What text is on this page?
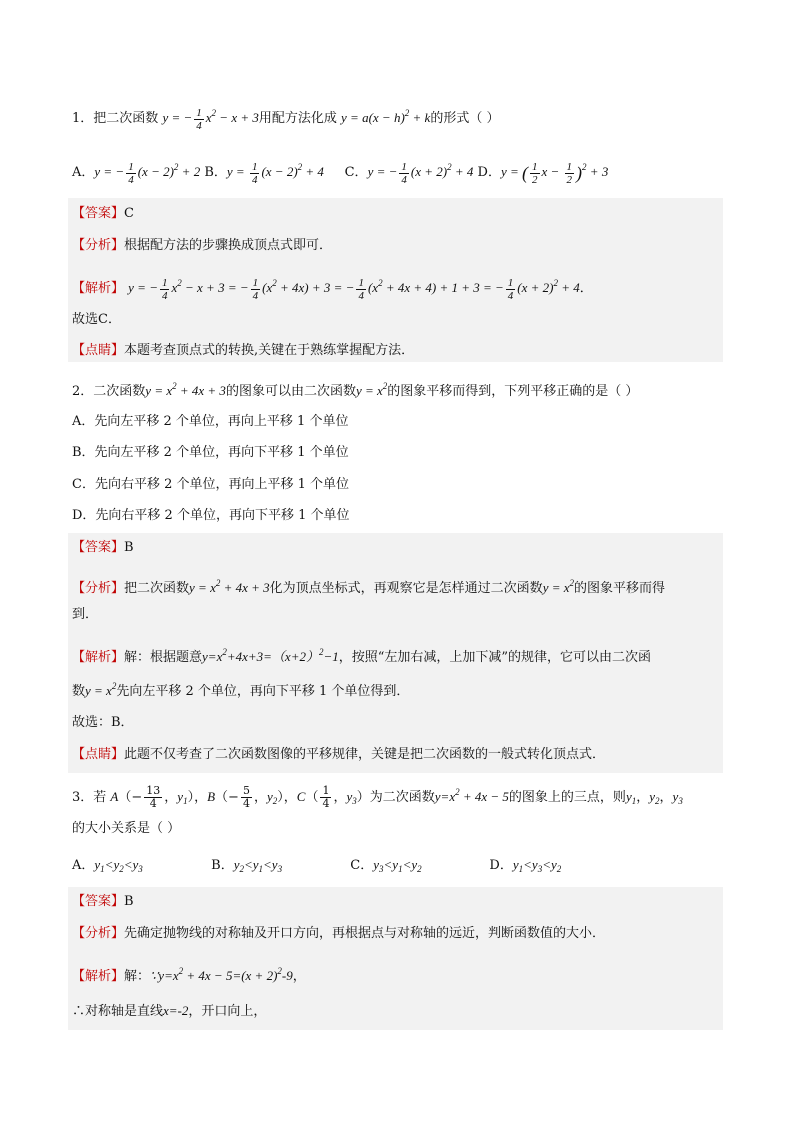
1．把二次函数 y = − $\frac{1}{4} x^2 - x + 3$用配方法化成 $y = a(x - h)^2 + k$的形式（ ）
A．y = − $\frac{1}{4} (x - 2)^2 + 2$ B．$y = \frac{1}{4} (x - 2)^2 + 4$ C．y = − $\frac{1}{4} (x + 2)^2 + 4$ D．y = ( $\frac{1}{2}$ $x - \frac{1}{2} )^2 + 3$
【答案】C
【分析】根据配方法的步骤换成顶点式即可．
【解析】 y = − $\frac{1}{4} x^2 - x + 3$ = − $\frac{1}{4} (x^2 + 4x) + 3$ = − $\frac{1}{4} (x^2 + 4x + 4) + 1 + 3$ = − $\frac{1}{4} (x + 2)^2 + 4$．
故选C．
【点睛】本题考查顶点式的转换,关键在于熟练掌握配方法．
2．二次函数$y = x^2 + 4x + 3$的图象可以由二次函数$y = x^2$的图象平移而得到，下列平移正确的是（ ）
A．先向左平移 2 个单位，再向上平移 1 个单位
B．先向左平移 2 个单位，再向下平移 1 个单位
C．先向右平移 2 个单位，再向上平移 1 个单位
D．先向右平移 2 个单位，再向下平移 1 个单位
【答案】B
【分析】把二次函数$y = x^2 + 4x + 3$化为顶点坐标式，再观察它是怎样通过二次函数$y = x^2$的图象平移而得
到．
【解析】解：根据题意$y=x^2+4x+3=(x+2)^2-1$，按照“左加右减，上加下减”的规律，它可以由二次函
数$y = x^2$先向左平移 2 个单位，再向下平移 1 个单位得到．
故选：B．
【点睛】此题不仅考查了二次函数图像的平移规律，关键是把二次函数的一般式转化顶点式．
3．若 $A(- \frac{13}{4}$ ，$y_1$），$B(- \frac{5}{4}$ ，$y_2$），$C( \frac{1}{4}$ ，$y_3$）为二次函数$y=x^2 + 4x - 5$的图象上的三点，则$y_1$，$y_2$，$y_3$
的大小关系是（ ）
A．$y_1<y_2<y_3$	B．$y_2<y_1<y_3$	C．$y_3<y_1<y_2$	D．$y_1<y_3<y_2$
【答案】B
【分析】先确定抛物线的对称轴及开口方向，再根据点与对称轴的远近，判断函数值的大小．
【解析】解：$\because y=x^2 + 4x - 5=(x + 2)^2-9$，
∴对称轴是直线x=-2，开口向上，
